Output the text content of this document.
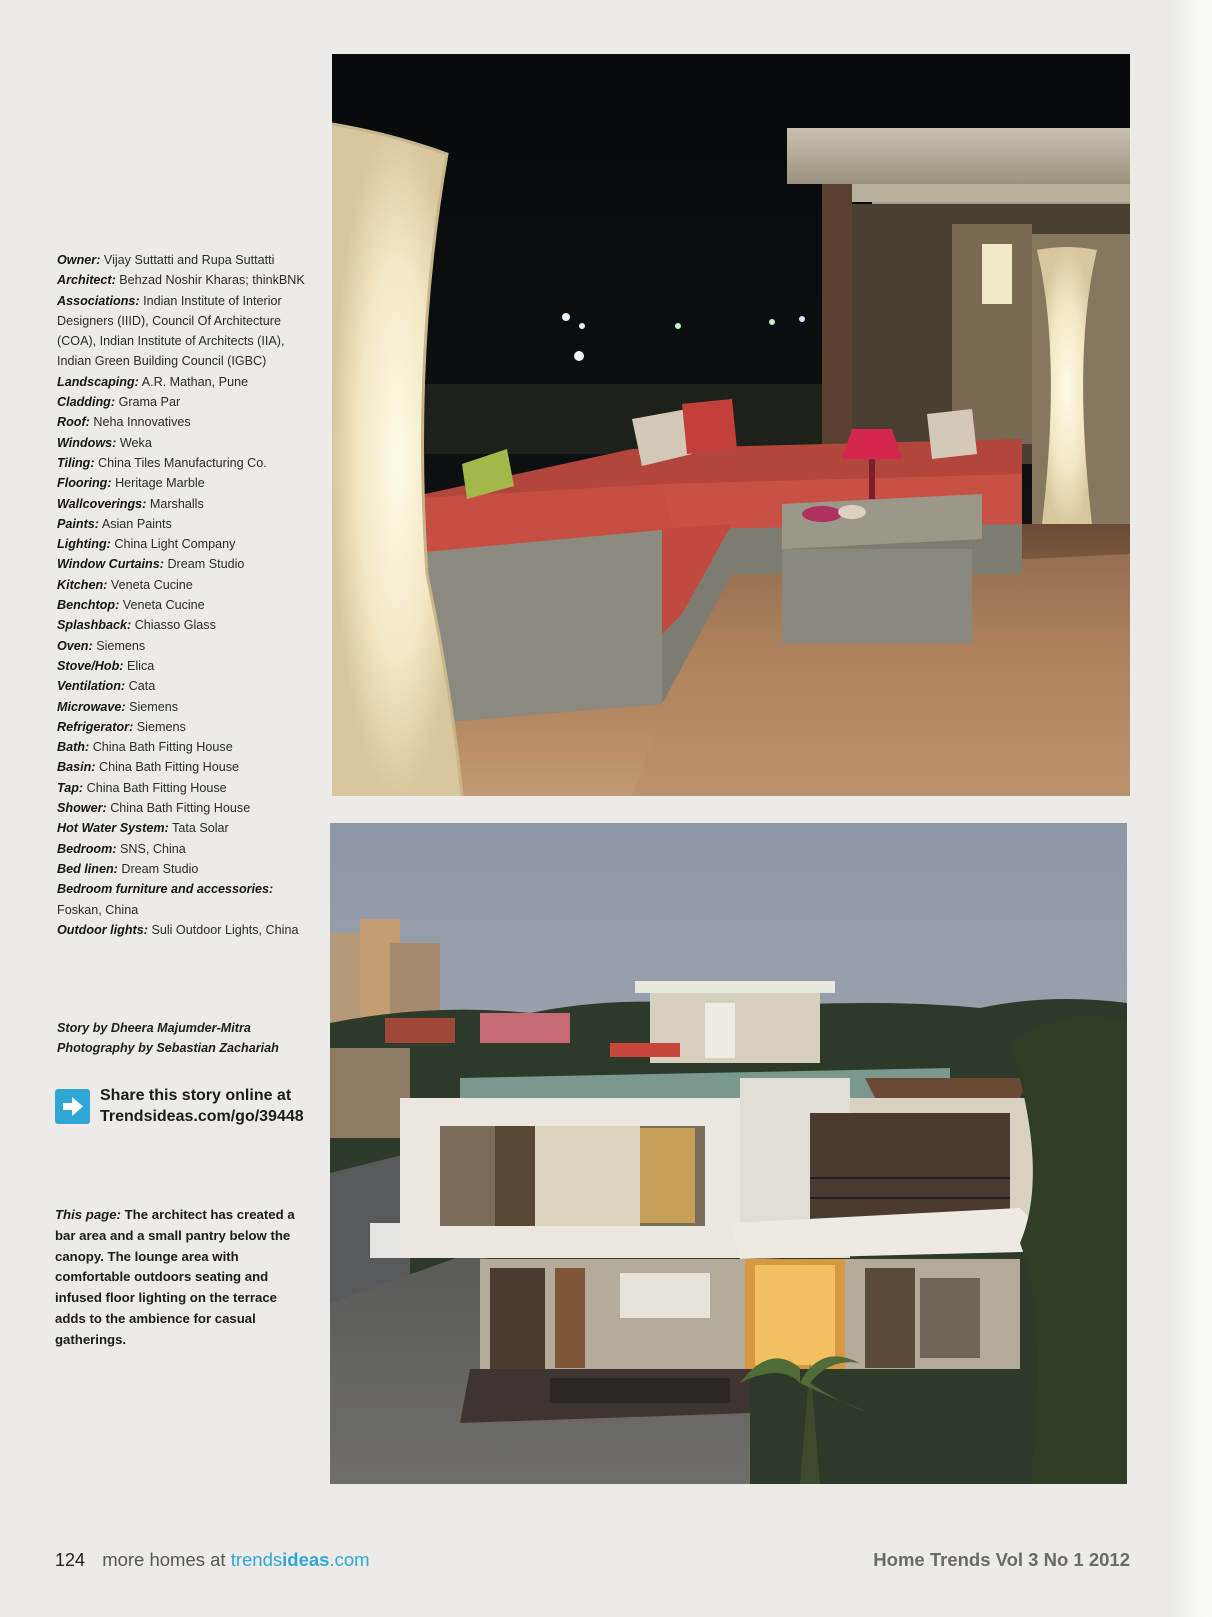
Owner: Vijay Suttatti and Rupa Suttatti
Architect: Behzad Noshir Kharas; thinkBNK
Associations: Indian Institute of Interior Designers (IIID), Council Of Architecture (COA), Indian Institute of Architects (IIA), Indian Green Building Council (IGBC)
Landscaping: A.R. Mathan, Pune
Cladding: Grama Par
Roof: Neha Innovatives
Windows: Weka
Tiling: China Tiles Manufacturing Co.
Flooring: Heritage Marble
Wallcoverings: Marshalls
Paints: Asian Paints
Lighting: China Light Company
Window Curtains: Dream Studio
Kitchen: Veneta Cucine
Benchtop: Veneta Cucine
Splashback: Chiasso Glass
Oven: Siemens
Stove/Hob: Elica
Ventilation: Cata
Microwave: Siemens
Refrigerator: Siemens
Bath: China Bath Fitting House
Basin: China Bath Fitting House
Tap: China Bath Fitting House
Shower: China Bath Fitting House
Hot Water System: Tata Solar
Bedroom: SNS, China
Bed linen: Dream Studio
Bedroom furniture and accessories: Foskan, China
Outdoor lights: Suli Outdoor Lights, China
Story by Dheera Majumder-Mitra
Photography by Sebastian Zachariah
Share this story online at
Trendsideas.com/go/39448
This page: The architect has created a bar area and a small pantry below the canopy. The lounge area with comfortable outdoors seating and infused floor lighting on the terrace adds to the ambience for casual gatherings.
124 more homes at trendsideas.com	Home Trends Vol 3 No 1 2012
